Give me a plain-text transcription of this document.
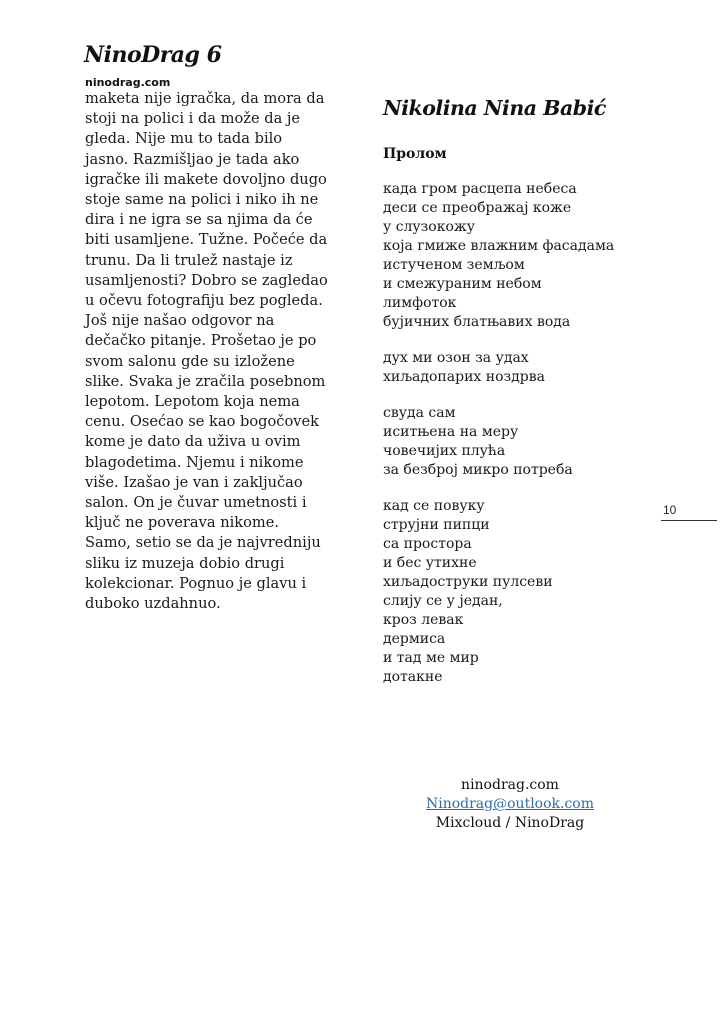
NinoDrag 6
ninodrag.com
maketa nije igračka, da mora da
stoji na polici i da može da je
gleda. Nije mu to tada bilo
jasno. Razmišljao je tada ako
igračke ili makete dovoljno dugo
stoje same na polici i niko ih ne
dira i ne igra se sa njima da će
biti usamljene. Tužne. Počeće da
trunu. Da li trulež nastaje iz
usamljenosti? Dobro se zagledao
u očevu fotografiju bez pogleda.
Još nije našao odgovor na
dečačko pitanje. Prošetao je po
svom salonu gde su izložene
slike. Svaka je zračila posebnom
lepotom. Lepotom koja nema
cenu. Osećao se kao bogočovek
kome je dato da uživa u ovim
blagodetima. Njemu i nikome
više. Izašao je van i zaključao
salon. On je čuvar umetnosti i
ključ ne poverava nikome.
Samo, setio se da je najvredniju
sliku iz muzeja dobio drugi
kolekcionar. Pognuo je glavu i
duboko uzdahnuo.
Nikolina Nina Babić
Пролом
када гром расцепа небеса
деси се преображај коже
у слузокожу
која гмиже влажним фасадама
истученом земљом
и смежураним небом
лимфоток
бујичних блатњавих вода
дух ми озон за удах
хиљадопарих ноздрва
свуда сам
иситњена на меру
човечијих плућа
за безброј микро потреба
кад се повуку
струјни пипци
са простора
и бес утихне
хиљадоструки пулсеви
слију се у један,
кроз левак
дермиса
и тад ме мир
дотакне
10
ninodrag.com
Ninodrag@outlook.com
Mixcloud / NinoDrag
